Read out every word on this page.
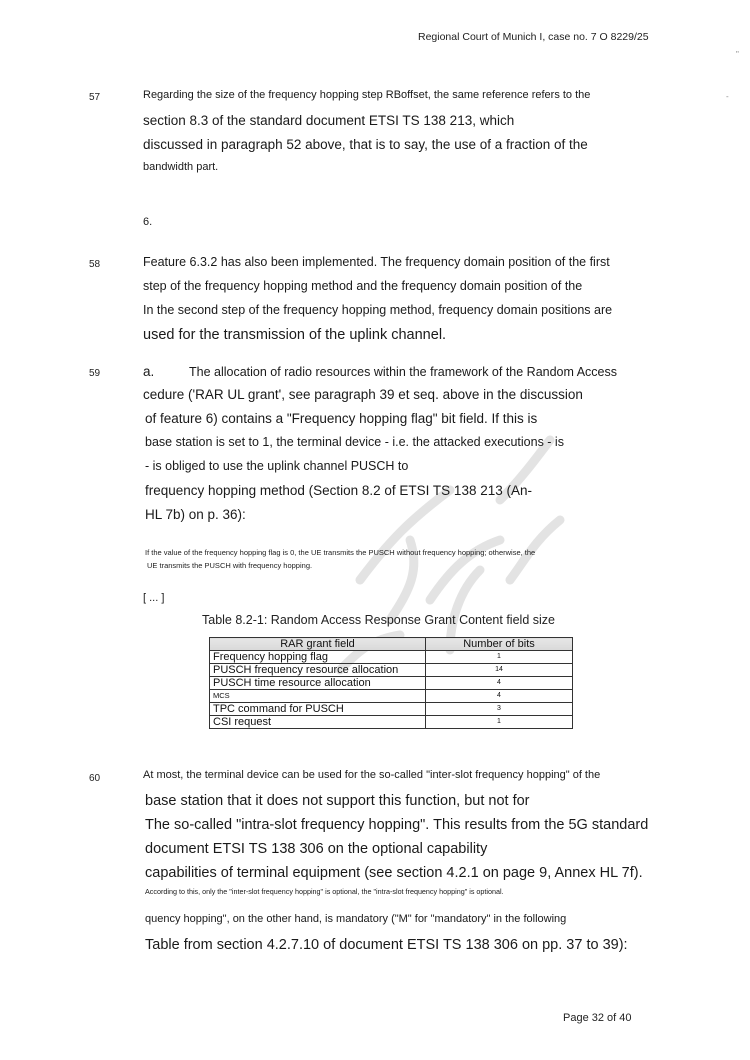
Regional Court of Munich I, case no. 7 O 8229/25
"
-
57	Regarding the size of the frequency hopping step RBoffset, the same reference refers to the
section 8.3 of the standard document ETSI TS 138 213, which
discussed in paragraph 52 above, that is to say, the use of a fraction of the
bandwidth part.
6.
58	Feature 6.3.2 has also been implemented. The frequency domain position of the first
step of the frequency hopping method and the frequency domain position of the
In the second step of the frequency hopping method, frequency domain positions are
used for the transmission of the uplink channel.
59	a.	The allocation of radio resources within the framework of the Random Access
cedure ('RAR UL grant', see paragraph 39 et seq. above in the discussion
of feature 6) contains a "Frequency hopping flag" bit field. If this is
base station is set to 1, the terminal device - i.e. the attacked executions - is
- is obliged to use the uplink channel PUSCH to
frequency hopping method (Section 8.2 of ETSI TS 138 213 (An-
HL 7b) on p. 36):
If the value of the frequency hopping flag is 0, the UE transmits the PUSCH without frequency hopping; otherwise, the
UE transmits the PUSCH with frequency hopping.
[ ... ]
Table 8.2-1: Random Access Response Grant Content field size
RAR grant field	Number of bits
Frequency hopping flag	1
PUSCH frequency resource allocation	14
PUSCH time resource allocation	4
MCS	4
TPC command for PUSCH	3
CSI request	1
60	At most, the terminal device can be used for the so-called "inter-slot frequency hopping" of the
base station that it does not support this function, but not for
The so-called "intra-slot frequency hopping". This results from the 5G standard
document ETSI TS 138 306 on the optional capability
capabilities of terminal equipment (see section 4.2.1 on page 9, Annex HL 7f).
According to this, only the "inter-slot frequency hopping" is optional, the "intra-slot frequency hopping" is optional.
quency hopping", on the other hand, is mandatory ("M" for "mandatory" in the following
Table from section 4.2.7.10 of document ETSI TS 138 306 on pp. 37 to 39):
Page 32 of 40
